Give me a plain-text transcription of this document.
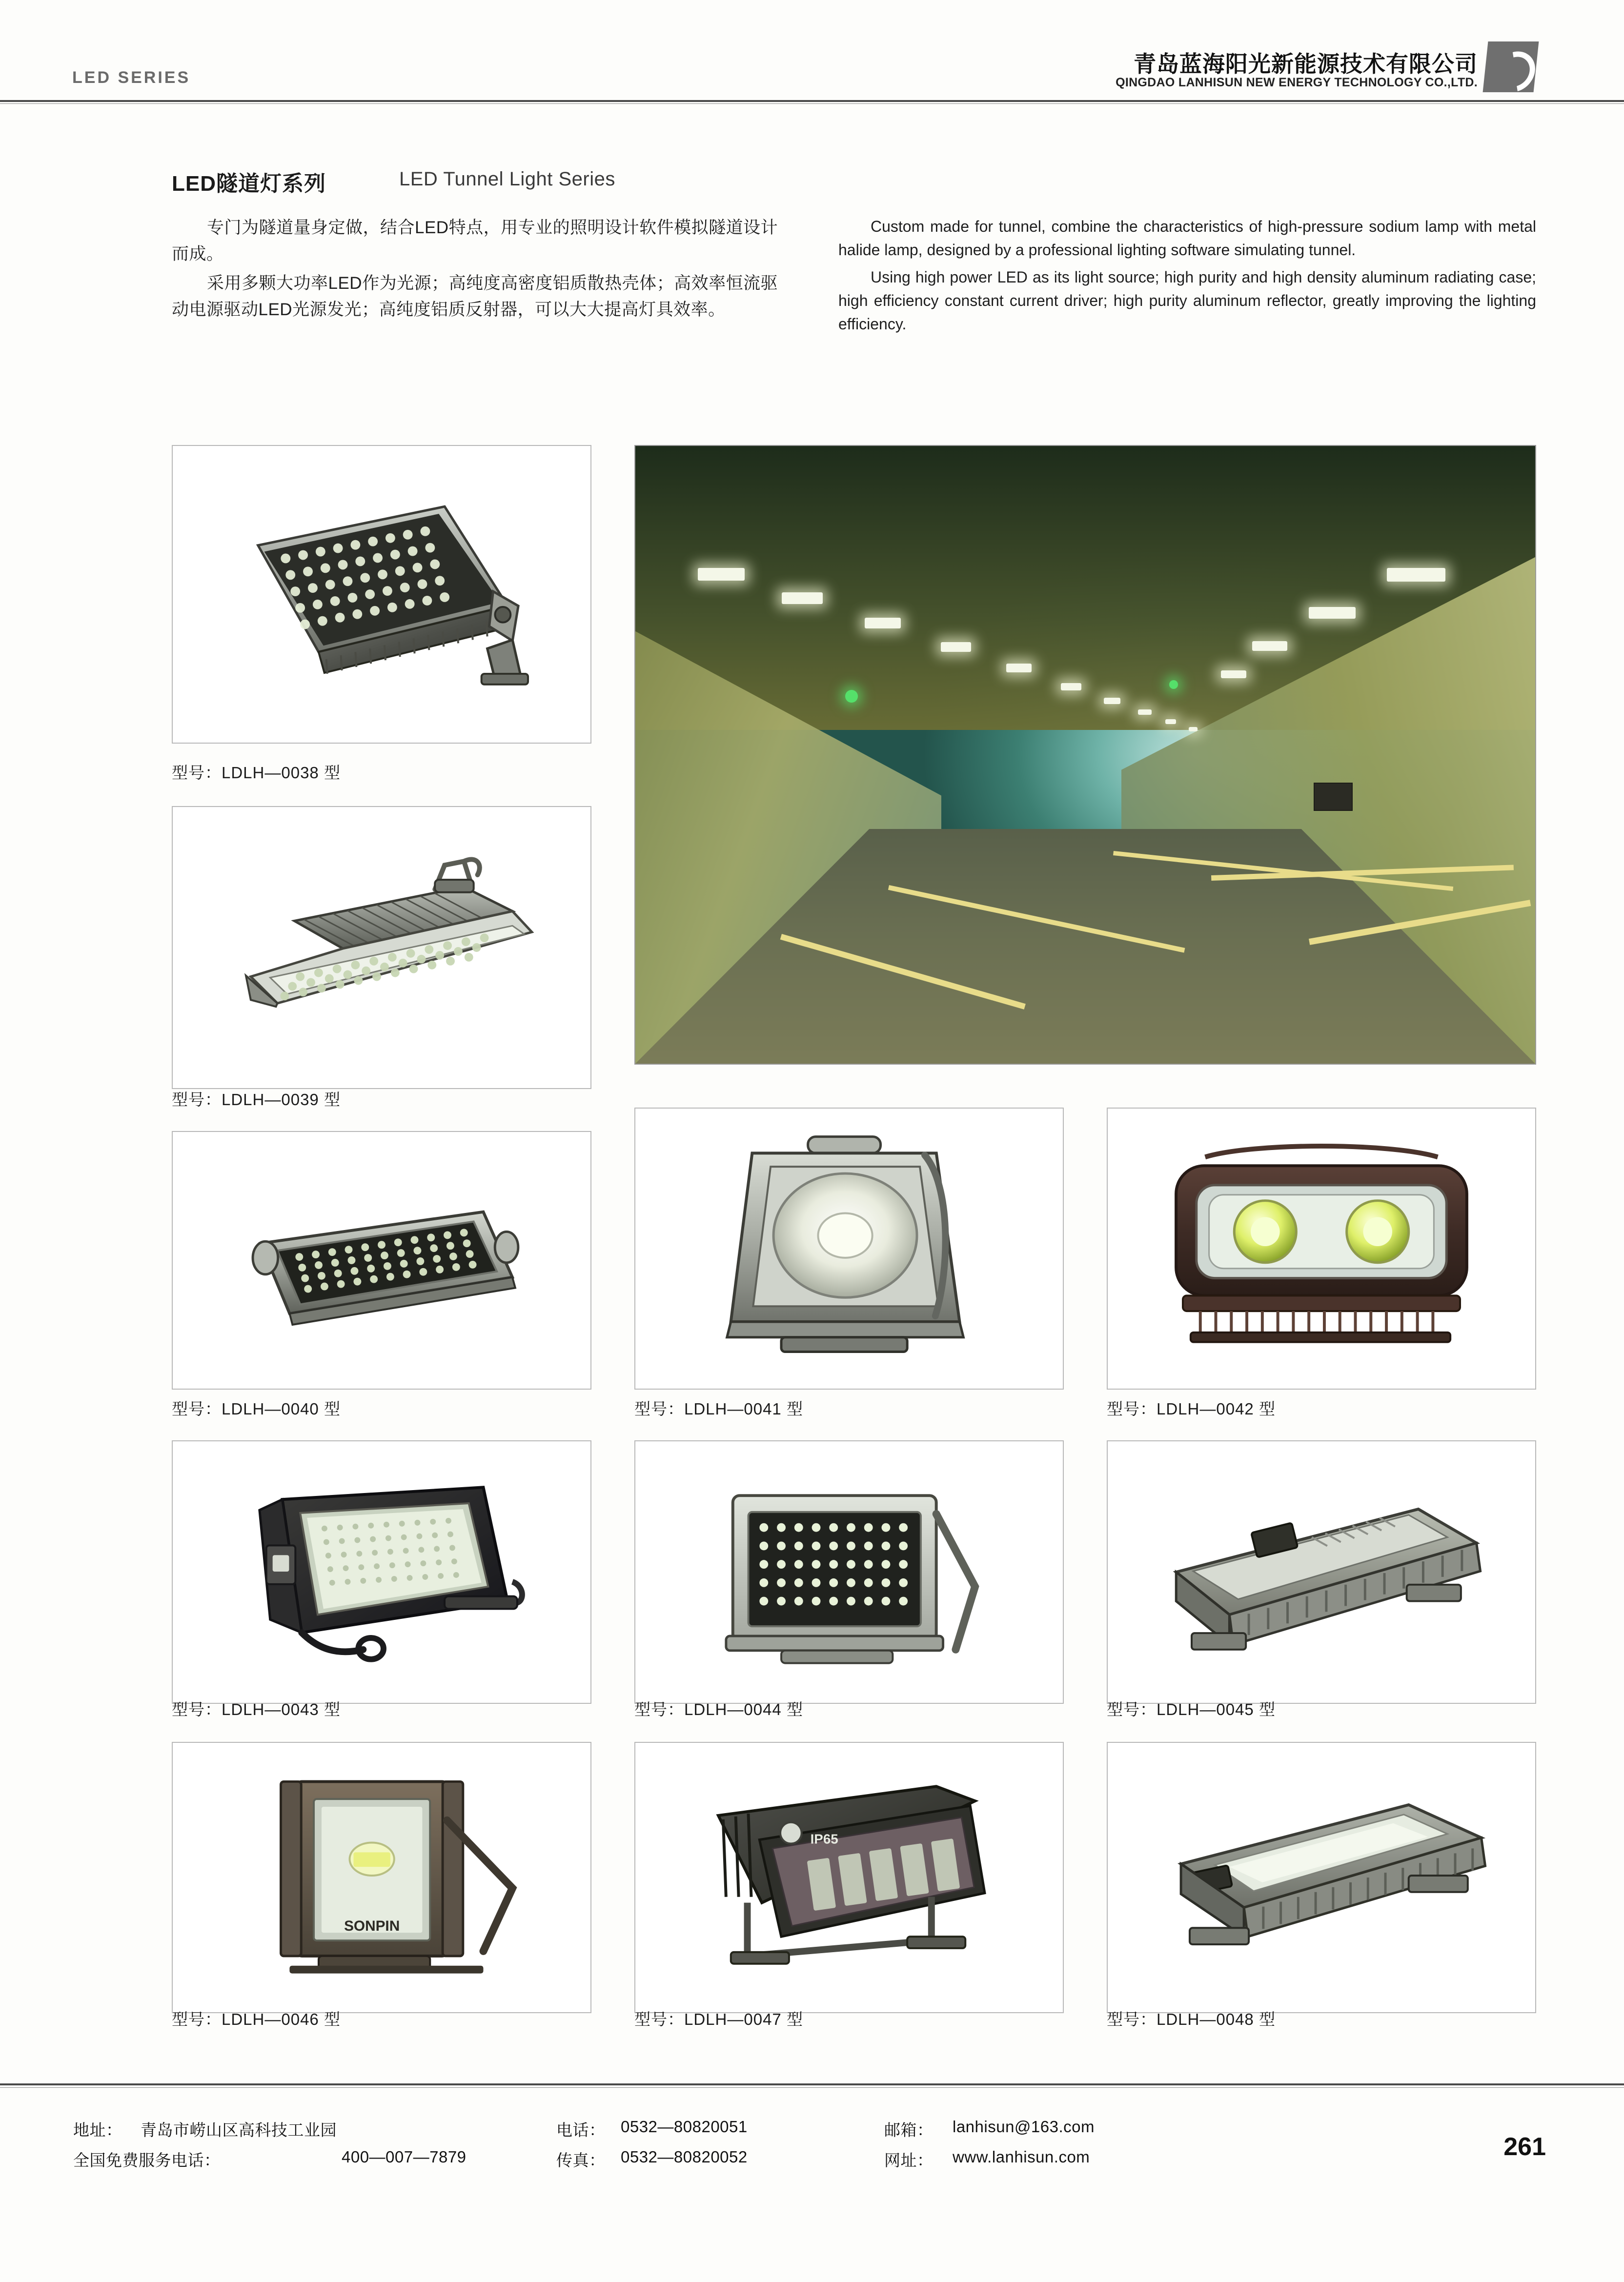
LED SERIES
青岛蓝海阳光新能源技术有限公司
QINGDAO LANHISUN NEW ENERGY TECHNOLOGY CO.,LTD.
LED隧道灯系列	LED Tunnel Light Series

专门为隧道量身定做，结合LED特点，用专业的照明设计软件模拟隧道设计而成。

采用多颗大功率LED作为光源；高纯度高密度铝质散热壳体；高效率恒流驱动电源驱动LED光源发光；高纯度铝质反射器，可以大大提高灯具效率。

Custom made for tunnel, combine the characteristics of high-pressure sodium lamp with metal halide lamp, designed by a professional lighting software simulating tunnel.

Using high power LED as its light source; high purity and high density aluminum radiating case; high efficiency constant current driver; high purity aluminum reflector, greatly improving the lighting efficiency.

型号：LDLH—0038 型
型号：LDLH—0039 型
型号：LDLH—0040 型	型号：LDLH—0041 型	型号：LDLH—0042 型
型号：LDLH—0043 型	型号：LDLH—0044 型	型号：LDLH—0045 型
SONPIN
型号：LDLH—0046 型
IP65
型号：LDLH—0047 型	型号：LDLH—0048 型
地址： 青岛市崂山区高科技工业园
全国免费服务电话：	400—007—7879
电话： 0532—80820051
传真： 0532—80820052
邮箱： lanhisun@163.com
网址： www.lanhisun.com	261
